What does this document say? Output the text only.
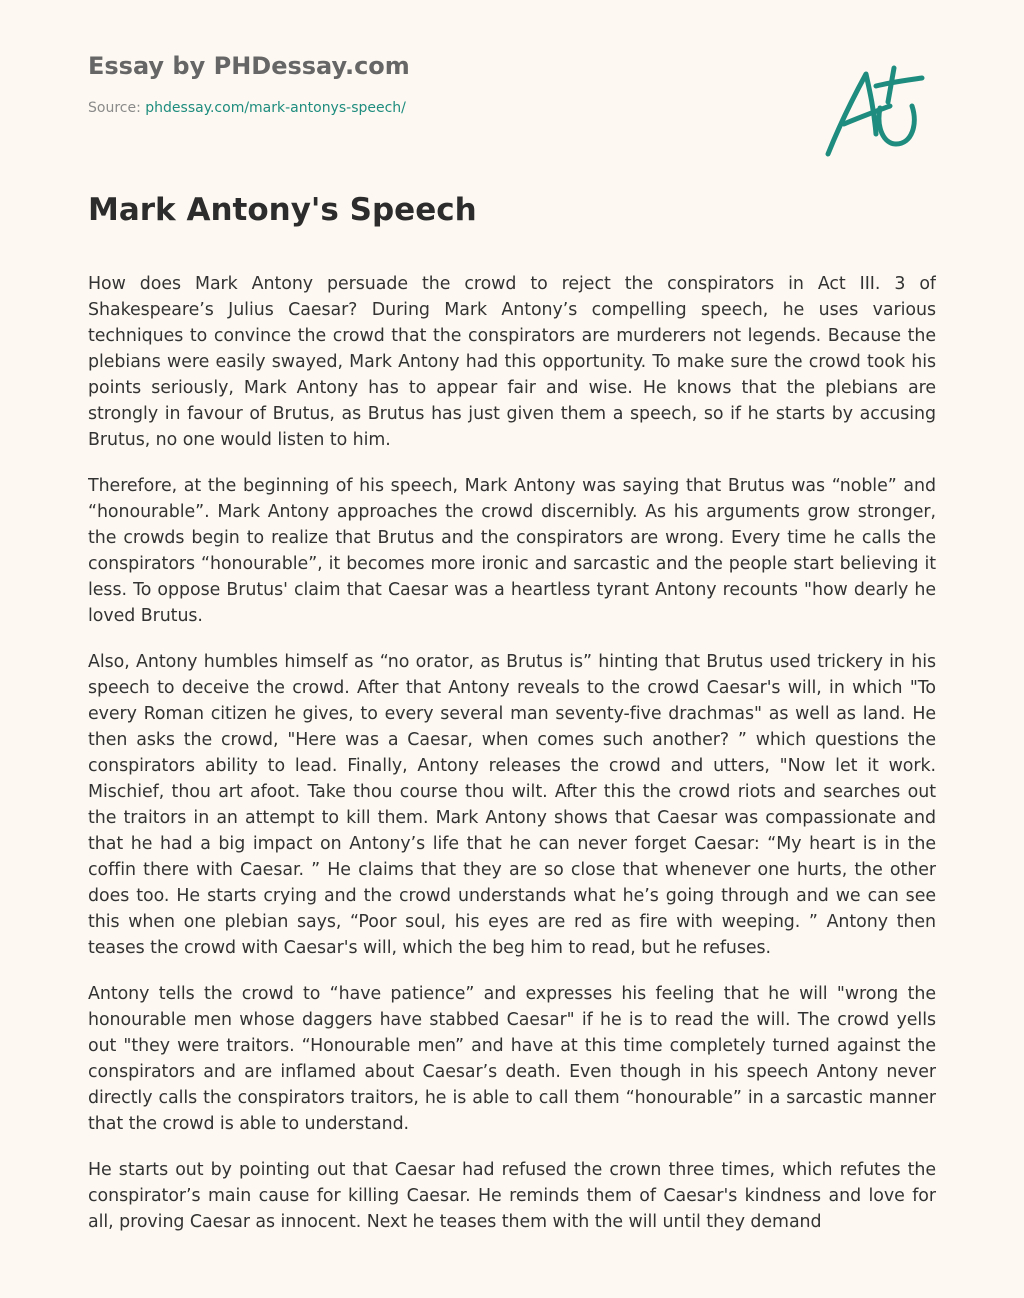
Essay by PHDessay.com
Source: phdessay.com/mark-antonys-speech/
Mark Antony's Speech

How does Mark Antony persuade the crowd to reject the conspirators in Act III. 3 of Shakespeare’s Julius Caesar? During Mark Antony’s compelling speech, he uses various techniques to convince the crowd that the conspirators are murderers not legends. Because the plebians were easily swayed, Mark Antony had this opportunity. To make sure the crowd took his points seriously, Mark Antony has to appear fair and wise. He knows that the plebians are strongly in favour of Brutus, as Brutus has just given them a speech, so if he starts by accusing Brutus, no one would listen to him.

Therefore, at the beginning of his speech, Mark Antony was saying that Brutus was “noble” and “honourable”. Mark Antony approaches the crowd discernibly. As his arguments grow stronger, the crowds begin to realize that Brutus and the conspirators are wrong. Every time he calls the conspirators “honourable”, it becomes more ironic and sarcastic and the people start believing it less. To oppose Brutus' claim that Caesar was a heartless tyrant Antony recounts "how dearly he loved Brutus.

Also, Antony humbles himself as “no orator, as Brutus is” hinting that Brutus used trickery in his speech to deceive the crowd. After that Antony reveals to the crowd Caesar's will, in which "To every Roman citizen he gives, to every several man seventy-five drachmas" as well as land. He then asks the crowd, "Here was a Caesar, when comes such another? ” which questions the conspirators ability to lead. Finally, Antony releases the crowd and utters, "Now let it work. Mischief, thou art afoot. Take thou course thou wilt. After this the crowd riots and searches out the traitors in an attempt to kill them. Mark Antony shows that Caesar was compassionate and that he had a big impact on Antony’s life that he can never forget Caesar: “My heart is in the coffin there with Caesar. ” He claims that they are so close that whenever one hurts, the other does too. He starts crying and the crowd understands what he’s going through and we can see this when one plebian says, “Poor soul, his eyes are red as fire with weeping. ” Antony then teases the crowd with Caesar's will, which the beg him to read, but he refuses.

Antony tells the crowd to “have patience” and expresses his feeling that he will "wrong the honourable men whose daggers have stabbed Caesar" if he is to read the will. The crowd yells out "they were traitors. “Honourable men” and have at this time completely turned against the conspirators and are inflamed about Caesar’s death. Even though in his speech Antony never directly calls the conspirators traitors, he is able to call them “honourable” in a sarcastic manner that the crowd is able to understand.

He starts out by pointing out that Caesar had refused the crown three times, which refutes the conspirator’s main cause for killing Caesar. He reminds them of Caesar's kindness and love for all, proving Caesar as innocent. Next he teases them with the will until they demand
